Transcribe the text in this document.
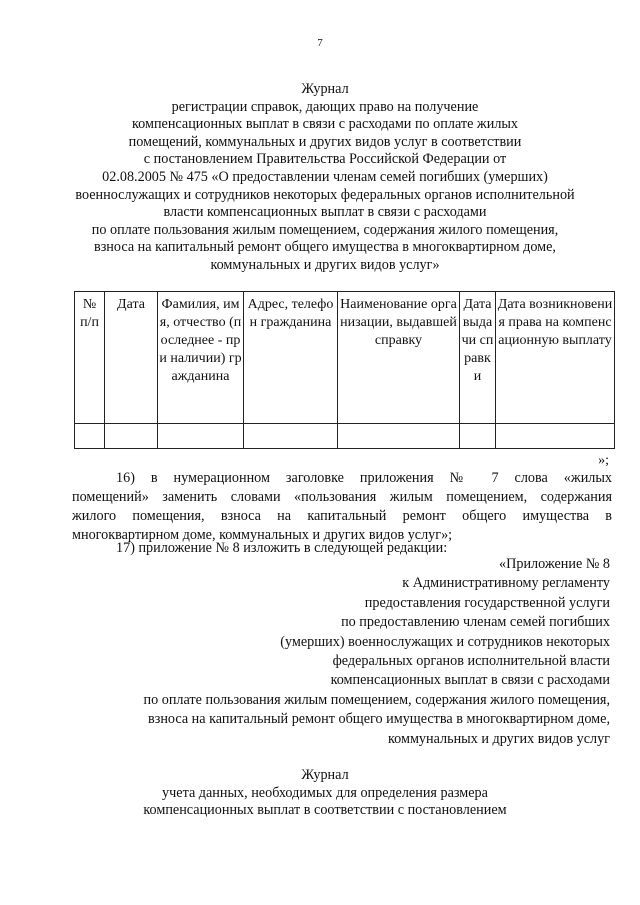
7
Журнал
регистрации справок, дающих право на получение
компенсационных выплат в связи с расходами по оплате жилых
помещений, коммунальных и других видов услуг в соответствии
с постановлением Правительства Российской Федерации от
02.08.2005 № 475 «О предоставлении членам семей погибших (умерших)
военнослужащих и сотрудников некоторых федеральных органов исполнительной
власти компенсационных выплат в связи с расходами
по оплате пользования жилым помещением, содержания жилого помещения,
взноса на капитальный ремонт общего имущества в многоквартирном доме,
коммунальных и других видов услуг»
№ п/п	Дата	Фамилия, имя, отчество (последнее - при наличии) гражданина	Адрес, телефон гражданина	Наименование организации, выдавшей справку	Дата выдачи справки	Дата возникновения права на компенсационную выплату

»;
16) в нумерационном заголовке приложения № 7 слова «жилых
помещений» заменить словами «пользования жилым помещением, содержания
жилого помещения, взноса на капитальный ремонт общего имущества в
многоквартирном доме, коммунальных и других видов услуг»;
17) приложение № 8 изложить в следующей редакции:
«Приложение № 8
к Административному регламенту
предоставления государственной услуги
по предоставлению членам семей погибших
(умерших) военнослужащих и сотрудников некоторых
федеральных органов исполнительной власти
компенсационных выплат в связи с расходами
по оплате пользования жилым помещением, содержания жилого помещения,
взноса на капитальный ремонт общего имущества в многоквартирном доме,
коммунальных и других видов услуг
Журнал
учета данных, необходимых для определения размера
компенсационных выплат в соответствии с постановлением
